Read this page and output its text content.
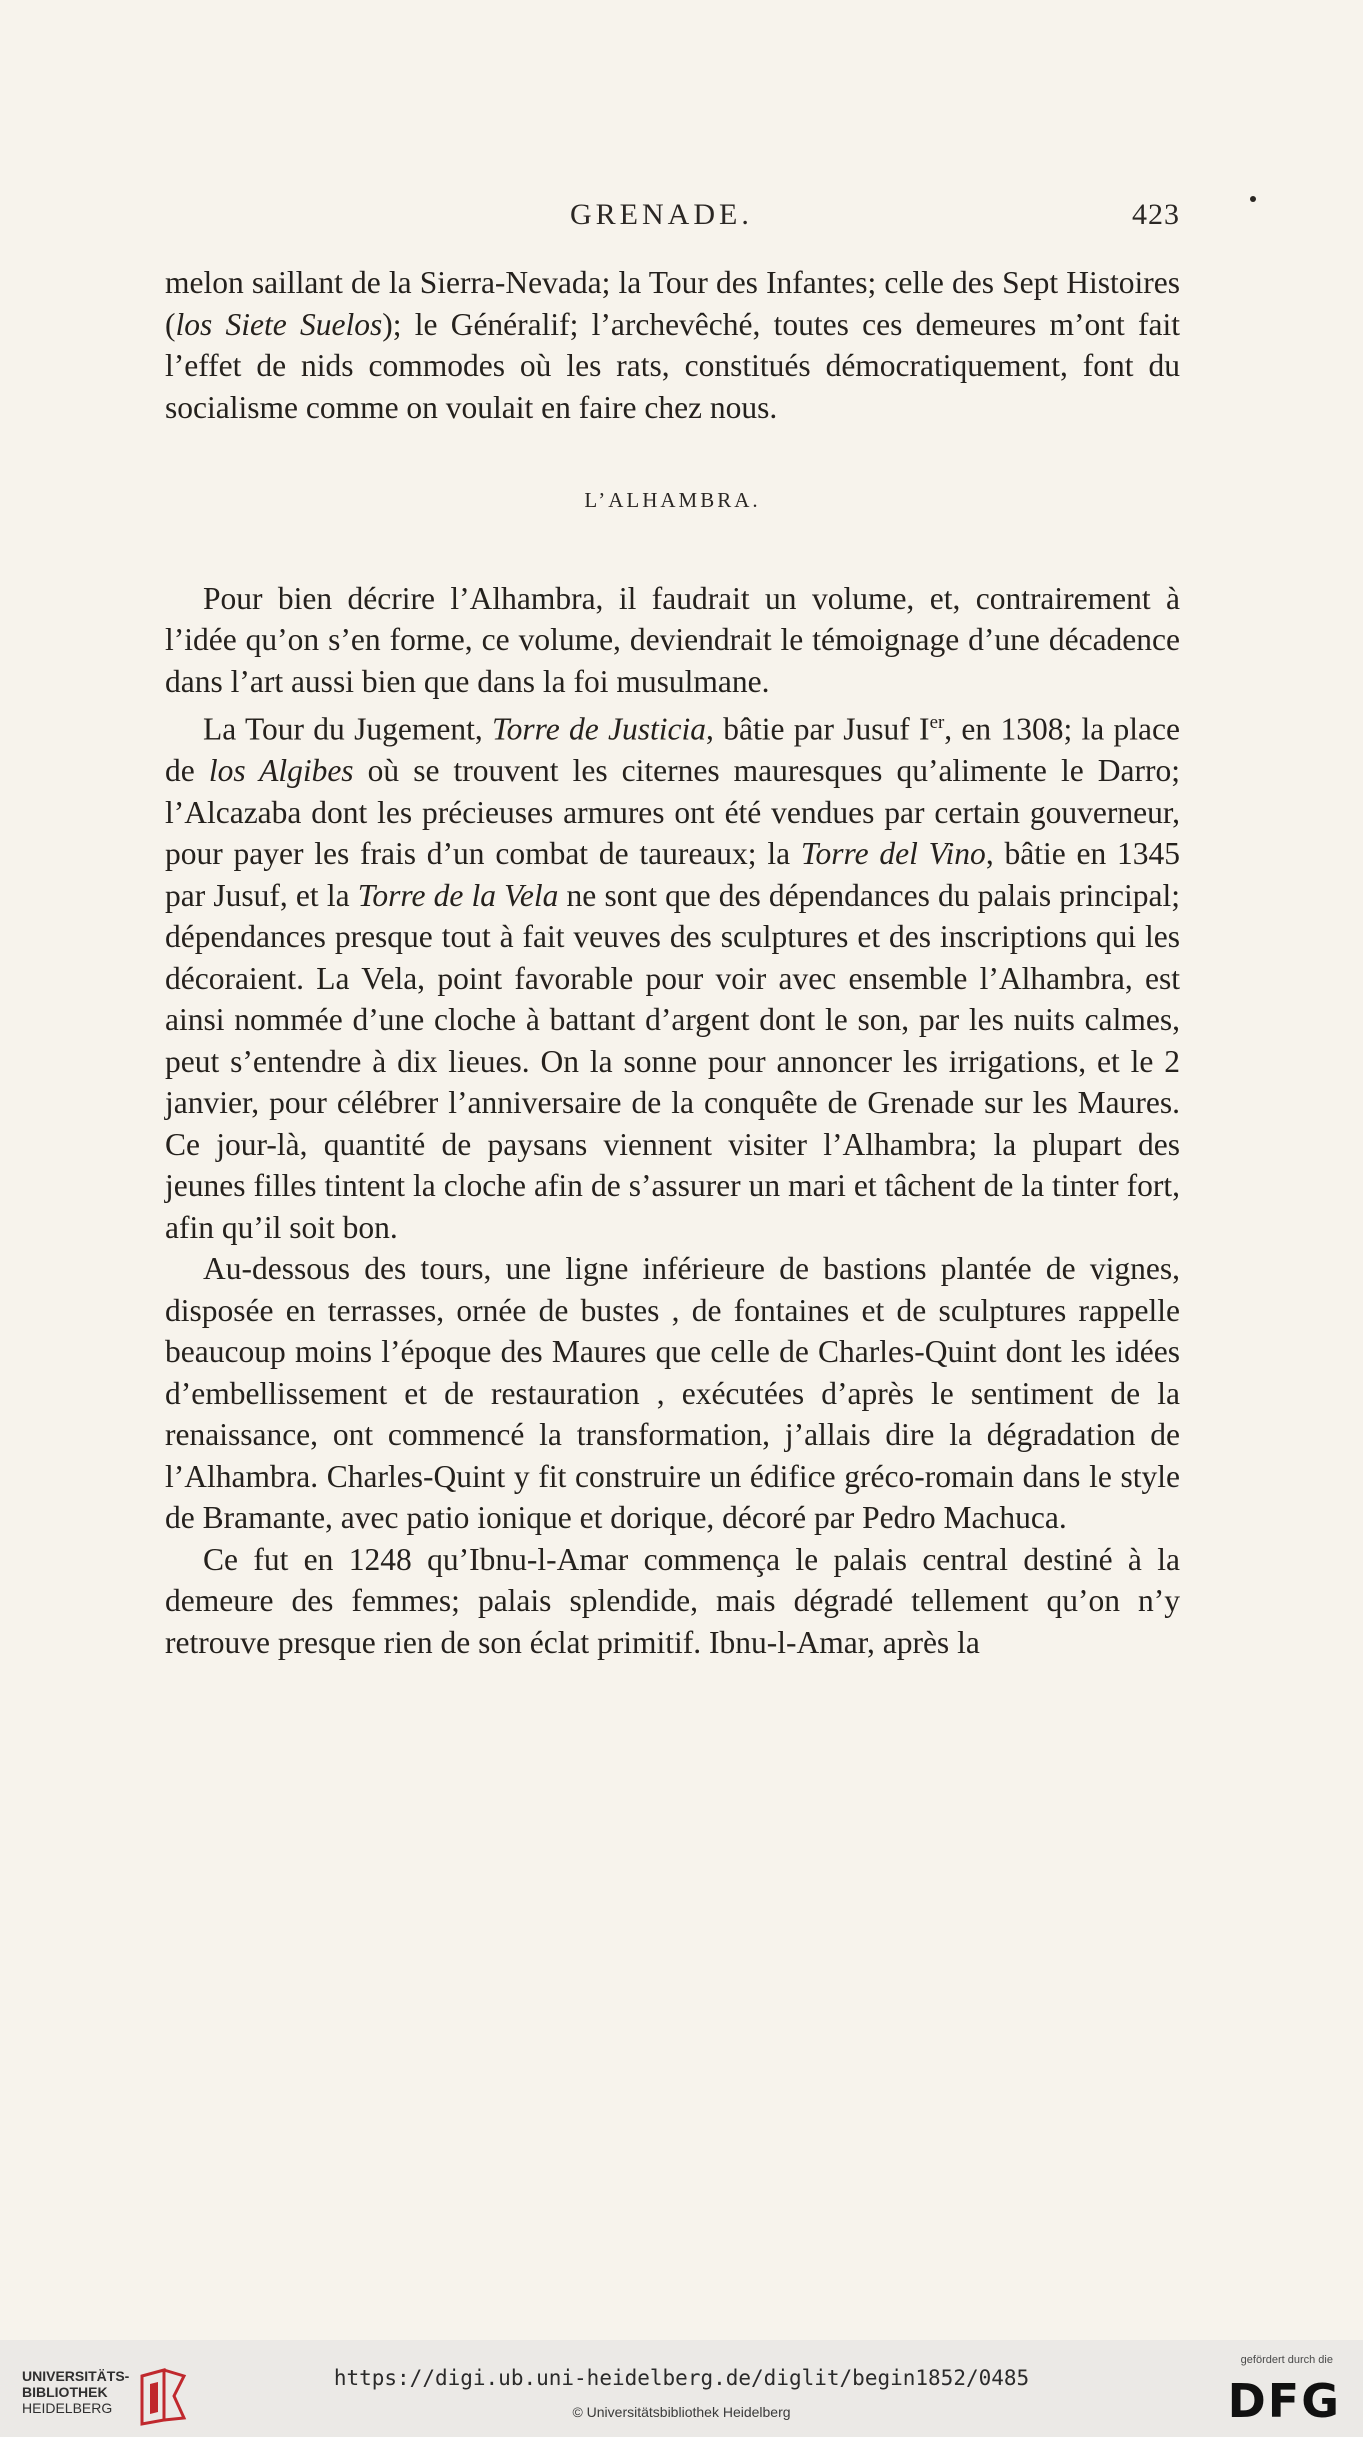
GRENADE.	423

melon saillant de la Sierra-Nevada; la Tour des Infantes; celle des Sept Histoires (los Siete Suelos); le Généralif; l’archevêché, toutes ces demeures m’ont fait l’effet de nids commodes où les rats, constitués démocratiquement, font du socialisme comme on voulait en faire chez nous.

L’ALHAMBRA.

Pour bien décrire l’Alhambra, il faudrait un volume, et, contrairement à l’idée qu’on s’en forme, ce volume, deviendrait le témoignage d’une décadence dans l’art aussi bien que dans la foi musulmane.

La Tour du Jugement, Torre de Justicia, bâtie par Jusuf Ier, en 1308; la place de los Algibes où se trouvent les citernes mauresques qu’alimente le Darro; l’Alcazaba dont les précieuses armures ont été vendues par certain gouverneur, pour payer les frais d’un combat de taureaux; la Torre del Vino, bâtie en 1345 par Jusuf, et la Torre de la Vela ne sont que des dépendances du palais principal; dépendances presque tout à fait veuves des sculptures et des inscriptions qui les décoraient. La Vela, point favorable pour voir avec ensemble l’Alhambra, est ainsi nommée d’une cloche à battant d’argent dont le son, par les nuits calmes, peut s’entendre à dix lieues. On la sonne pour annoncer les irrigations, et le 2 janvier, pour célébrer l’anniversaire de la conquête de Grenade sur les Maures. Ce jour-là, quantité de paysans viennent visiter l’Alhambra; la plupart des jeunes filles tintent la cloche afin de s’assurer un mari et tâchent de la tinter fort, afin qu’il soit bon.

Au-dessous des tours, une ligne inférieure de bastions plantée de vignes, disposée en terrasses, ornée de bustes , de fontaines et de sculptures rappelle beaucoup moins l’époque des Maures que celle de Charles-Quint dont les idées d’embellissement et de restauration , exécutées d’après le sentiment de la renaissance, ont commencé la transformation, j’allais dire la dégradation de l’Alhambra. Charles-Quint y fit construire un édifice gréco-romain dans le style de Bramante, avec patio ionique et dorique, décoré par Pedro Machuca.

Ce fut en 1248 qu’Ibnu-l-Amar commença le palais central destiné à la demeure des femmes; palais splendide, mais dégradé tellement qu’on n’y retrouve presque rien de son éclat primitif. Ibnu-l-Amar, après la

UNIVERSITÄTS-
BIBLIOTHEK
HEIDELBERG
https://digi.ub.uni-heidelberg.de/diglit/begin1852/0485
© Universitätsbibliothek Heidelberg
gefördert durch die
DFG
